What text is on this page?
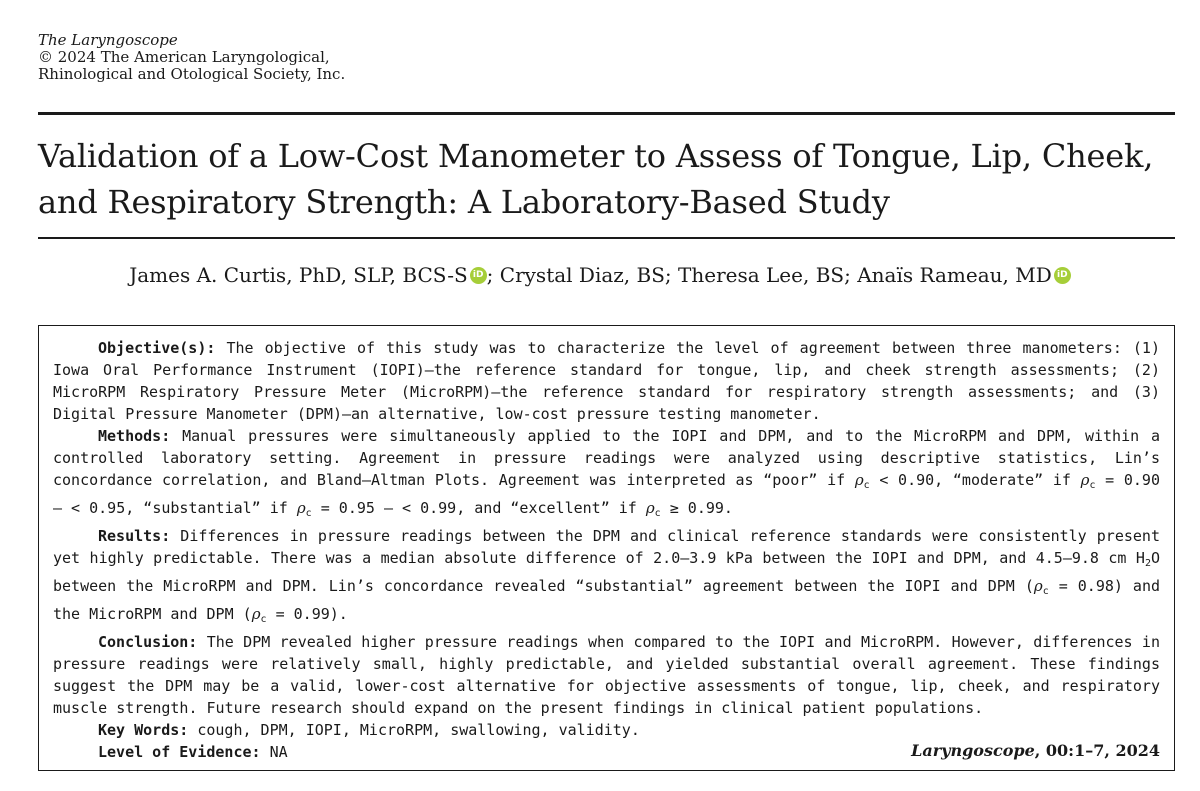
The Laryngoscope
© 2024 The American Laryngological,
Rhinological and Otological Society, Inc.
Validation of a Low-Cost Manometer to Assess of Tongue, Lip, Cheek, and Respiratory Strength: A Laboratory-Based Study
James A. Curtis, PhD, SLP, BCS-S iD ; Crystal Diaz, BS; Theresa Lee, BS; Anaïs Rameau, MD iD

Objective(s): The objective of this study was to characterize the level of agreement between three manometers: (1) Iowa Oral Performance Instrument (IOPI)—the reference standard for tongue, lip, and cheek strength assessments; (2) MicroRPM Respiratory Pressure Meter (MicroRPM)—the reference standard for respiratory strength assessments; and (3) Digital Pressure Manometer (DPM)—an alternative, low-cost pressure testing manometer.

Methods: Manual pressures were simultaneously applied to the IOPI and DPM, and to the MicroRPM and DPM, within a controlled laboratory setting. Agreement in pressure readings were analyzed using descriptive statistics, Lin’s concordance correlation, and Bland–Altman Plots. Agreement was interpreted as “poor” if $\rho_c < 0.90$, “moderate” if $\rho_c = 0.90$ – < 0.95, “substantial” if $\rho_c = 0.95$ – < 0.99, and “excellent” if $\rho_c \ge 0.99$.

Results: Differences in pressure readings between the DPM and clinical reference standards were consistently present yet highly predictable. There was a median absolute difference of 2.0–3.9 kPa between the IOPI and DPM, and 4.5–9.8 cm $H_2O$ between the MicroRPM and DPM. Lin’s concordance revealed “substantial” agreement between the IOPI and DPM $(\rho_c = 0.98)$ and the MicroRPM and DPM $(\rho_c = 0.99)$.

Conclusion: The DPM revealed higher pressure readings when compared to the IOPI and MicroRPM. However, differences in pressure readings were relatively small, highly predictable, and yielded substantial overall agreement. These findings suggest the DPM may be a valid, lower-cost alternative for objective assessments of tongue, lip, cheek, and respiratory muscle strength. Future research should expand on the present findings in clinical patient populations.

Key Words: cough, DPM, IOPI, MicroRPM, swallowing, validity.

Level of Evidence: NA	Laryngoscope, 00:1–7, 2024
